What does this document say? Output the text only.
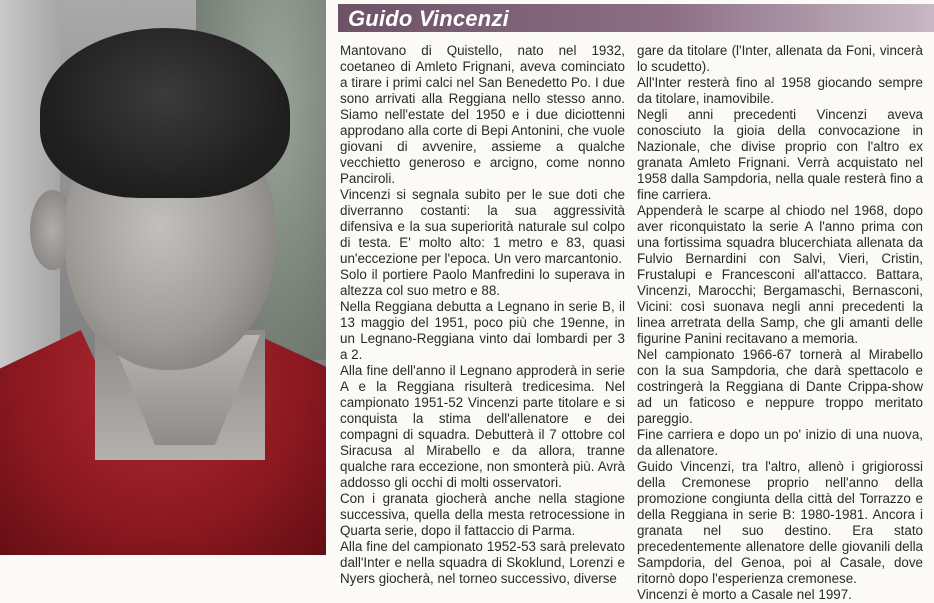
Guido Vincenzi

Mantovano di Quistello, nato nel 1932, coetaneo di Amleto Frignani, aveva cominciato a tirare i primi calci nel San Benedetto Po. I due sono arrivati alla Reggiana nello stesso anno. Siamo nell'estate del 1950 e i due diciottenni approdano alla corte di Bepi Antonini, che vuole giovani di avvenire, assieme a qualche vecchietto generoso e arcigno, come nonno Panciroli.

Vincenzi si segnala subito per le sue doti che diverranno costanti: la sua aggressività difensiva e la sua superiorità naturale sul colpo di testa. E' molto alto: 1 metro e 83, quasi un'eccezione per l'epoca. Un vero marcantonio.

Solo il portiere Paolo Manfredini lo superava in altezza col suo metro e 88.

Nella Reggiana debutta a Legnano in serie B, il 13 maggio del 1951, poco più che 19enne, in un Legnano-Reggiana vinto dai lombardi per 3 a 2.

Alla fine dell'anno il Legnano approderà in serie A e la Reggiana risulterà tredicesima. Nel campionato 1951-52 Vincenzi parte titolare e si conquista la stima dell'allenatore e dei compagni di squadra. Debutterà il 7 ottobre col Siracusa al Mirabello e da allora, tranne qualche rara eccezione, non smonterà più. Avrà addosso gli occhi di molti osservatori.

Con i granata giocherà anche nella stagione successiva, quella della mesta retrocessione in Quarta serie, dopo il fattaccio di Parma.

Alla fine del campionato 1952-53 sarà prelevato dall'Inter e nella squadra di Skoklund, Lorenzi e Nyers giocherà, nel torneo successivo, diverse

gare da titolare (l'Inter, allenata da Foni, vincerà lo scudetto).

All'Inter resterà fino al 1958 giocando sempre da titolare, inamovibile.

Negli anni precedenti Vincenzi aveva conosciuto la gioia della convocazione in Nazionale, che divise proprio con l'altro ex granata Amleto Frignani. Verrà acquistato nel 1958 dalla Sampdoria, nella quale resterà fino a fine carriera.

Appenderà le scarpe al chiodo nel 1968, dopo aver riconquistato la serie A l'anno prima con una fortissima squadra blucerchiata allenata da Fulvio Bernardini con Salvi, Vieri, Cristin, Frustalupi e Francesconi all'attacco. Battara, Vincenzi, Marocchi; Bergamaschi, Bernasconi, Vicini: così suonava negli anni precedenti la linea arretrata della Samp, che gli amanti delle figurine Panini recitavano a memoria.

Nel campionato 1966-67 tornerà al Mirabello con la sua Sampdoria, che darà spettacolo e costringerà la Reggiana di Dante Crippa-show ad un faticoso e neppure troppo meritato pareggio.

Fine carriera e dopo un po' inizio di una nuova, da allenatore.

Guido Vincenzi, tra l'altro, allenò i grigiorossi della Cremonese proprio nell'anno della promozione congiunta della città del Torrazzo e della Reggiana in serie B: 1980-1981. Ancora i granata nel suo destino. Era stato precedentemente allenatore delle giovanili della Sampdoria, del Genoa, poi al Casale, dove ritornò dopo l'esperienza cremonese.

Vincenzi è morto a Casale nel 1997.
